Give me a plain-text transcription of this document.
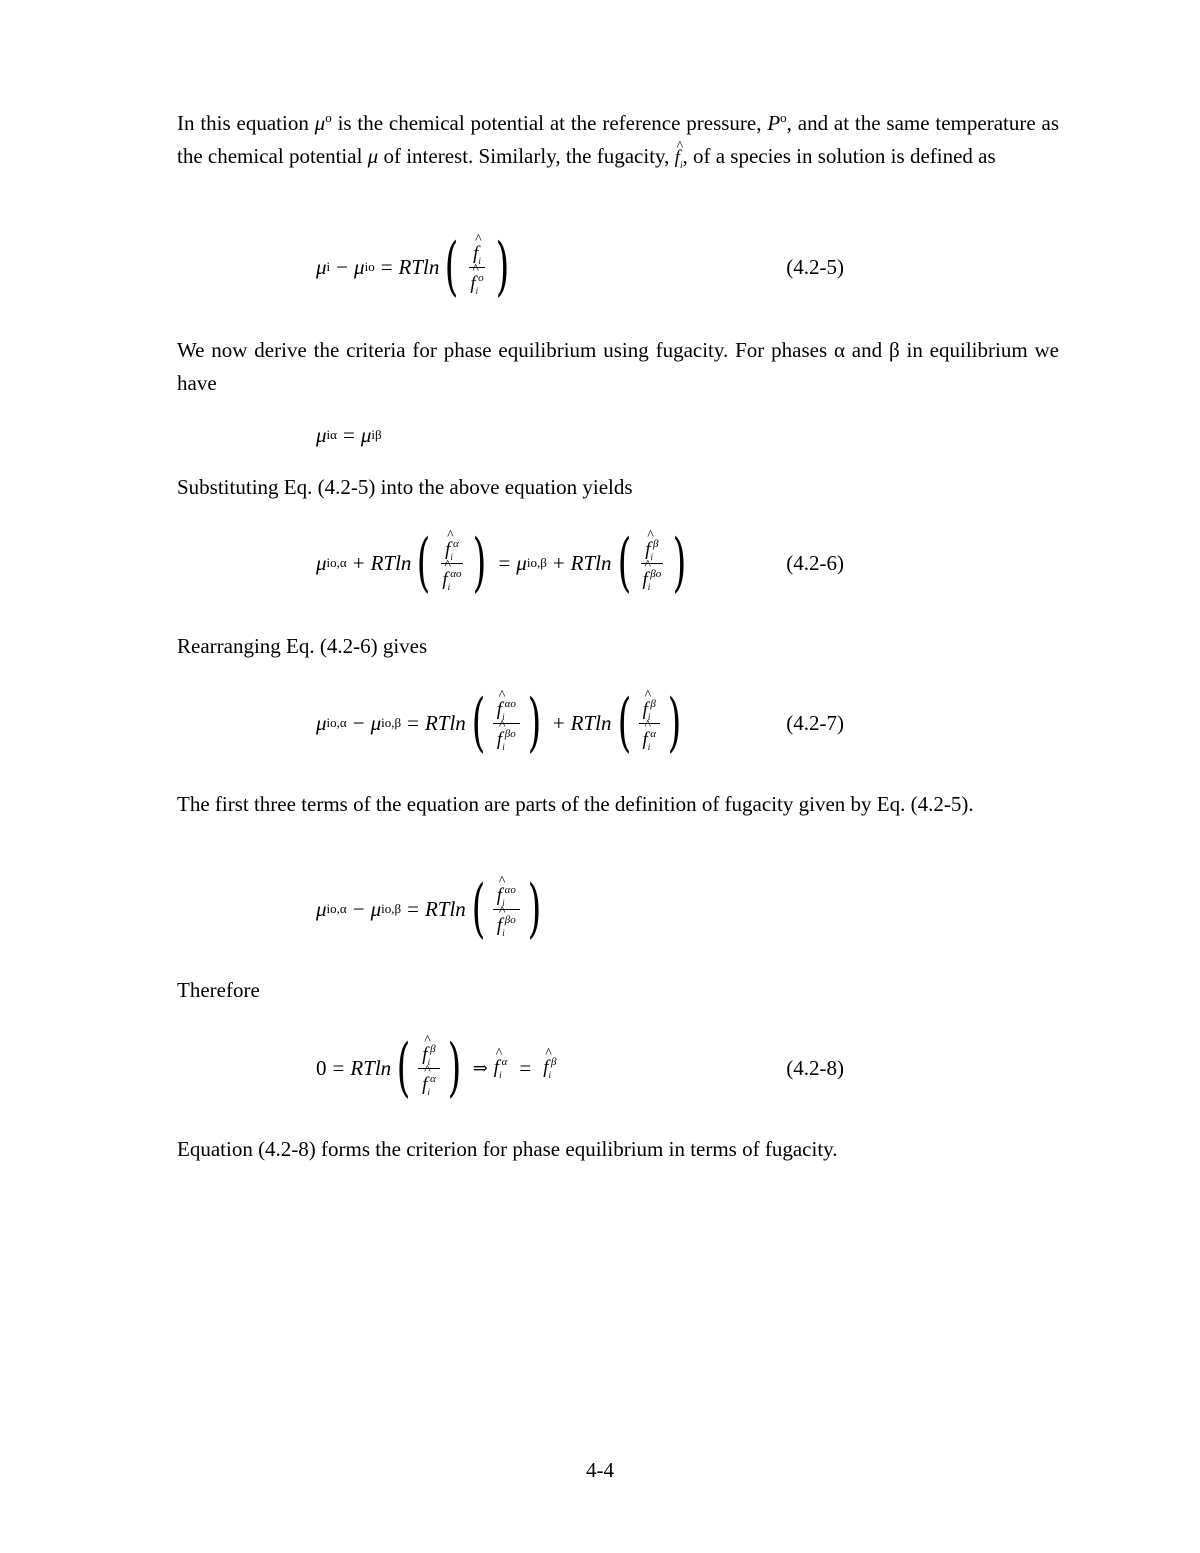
In this equation $\mu^o$ is the chemical potential at the reference pressure, $P^o$, and at the same temperature as the chemical potential μ of interest. Similarly, the fugacity, ^ $f_i$, of a species in solution is defined as
μ i − μ i o = RTln ( ^ $f_i$
^ $f_i^o$ )	(4.2-5)
We now derive the criteria for phase equilibrium using fugacity. For phases α and β in equilibrium we have
μ i α = μ i β
Substituting Eq. (4.2-5) into the above equation yields
μ i o,α + RTln ( ^ $f_i^\alpha$
^ $f_i^{\alpha o}$ ) = μ i o,β + RTln ( ^ $f_i^\beta$
^ $f_i^{\beta o}$ )	(4.2-6)
Rearranging Eq. (4.2-6) gives
μ i o,α − μ i o,β = RTln ( ^ $f_i^{\alpha o}$
^ $f_i^{\beta o}$ ) + RTln ( ^ $f_i^\beta$
^ $f_i^\alpha$ )	(4.2-7)
The first three terms of the equation are parts of the definition of fugacity given by Eq. (4.2-5).
μ i o,α − μ i o,β = RTln ( ^ $f_i^{\alpha o}$
^ $f_i^{\beta o}$ )
Therefore
0 = RTln ( ^ $f_i^\beta$
^ $f_i^\alpha$ ) ⇒ ^ $f_i^\alpha$ = ^ $f_i^\beta$	(4.2-8)
Equation (4.2-8) forms the criterion for phase equilibrium in terms of fugacity.
4-4
